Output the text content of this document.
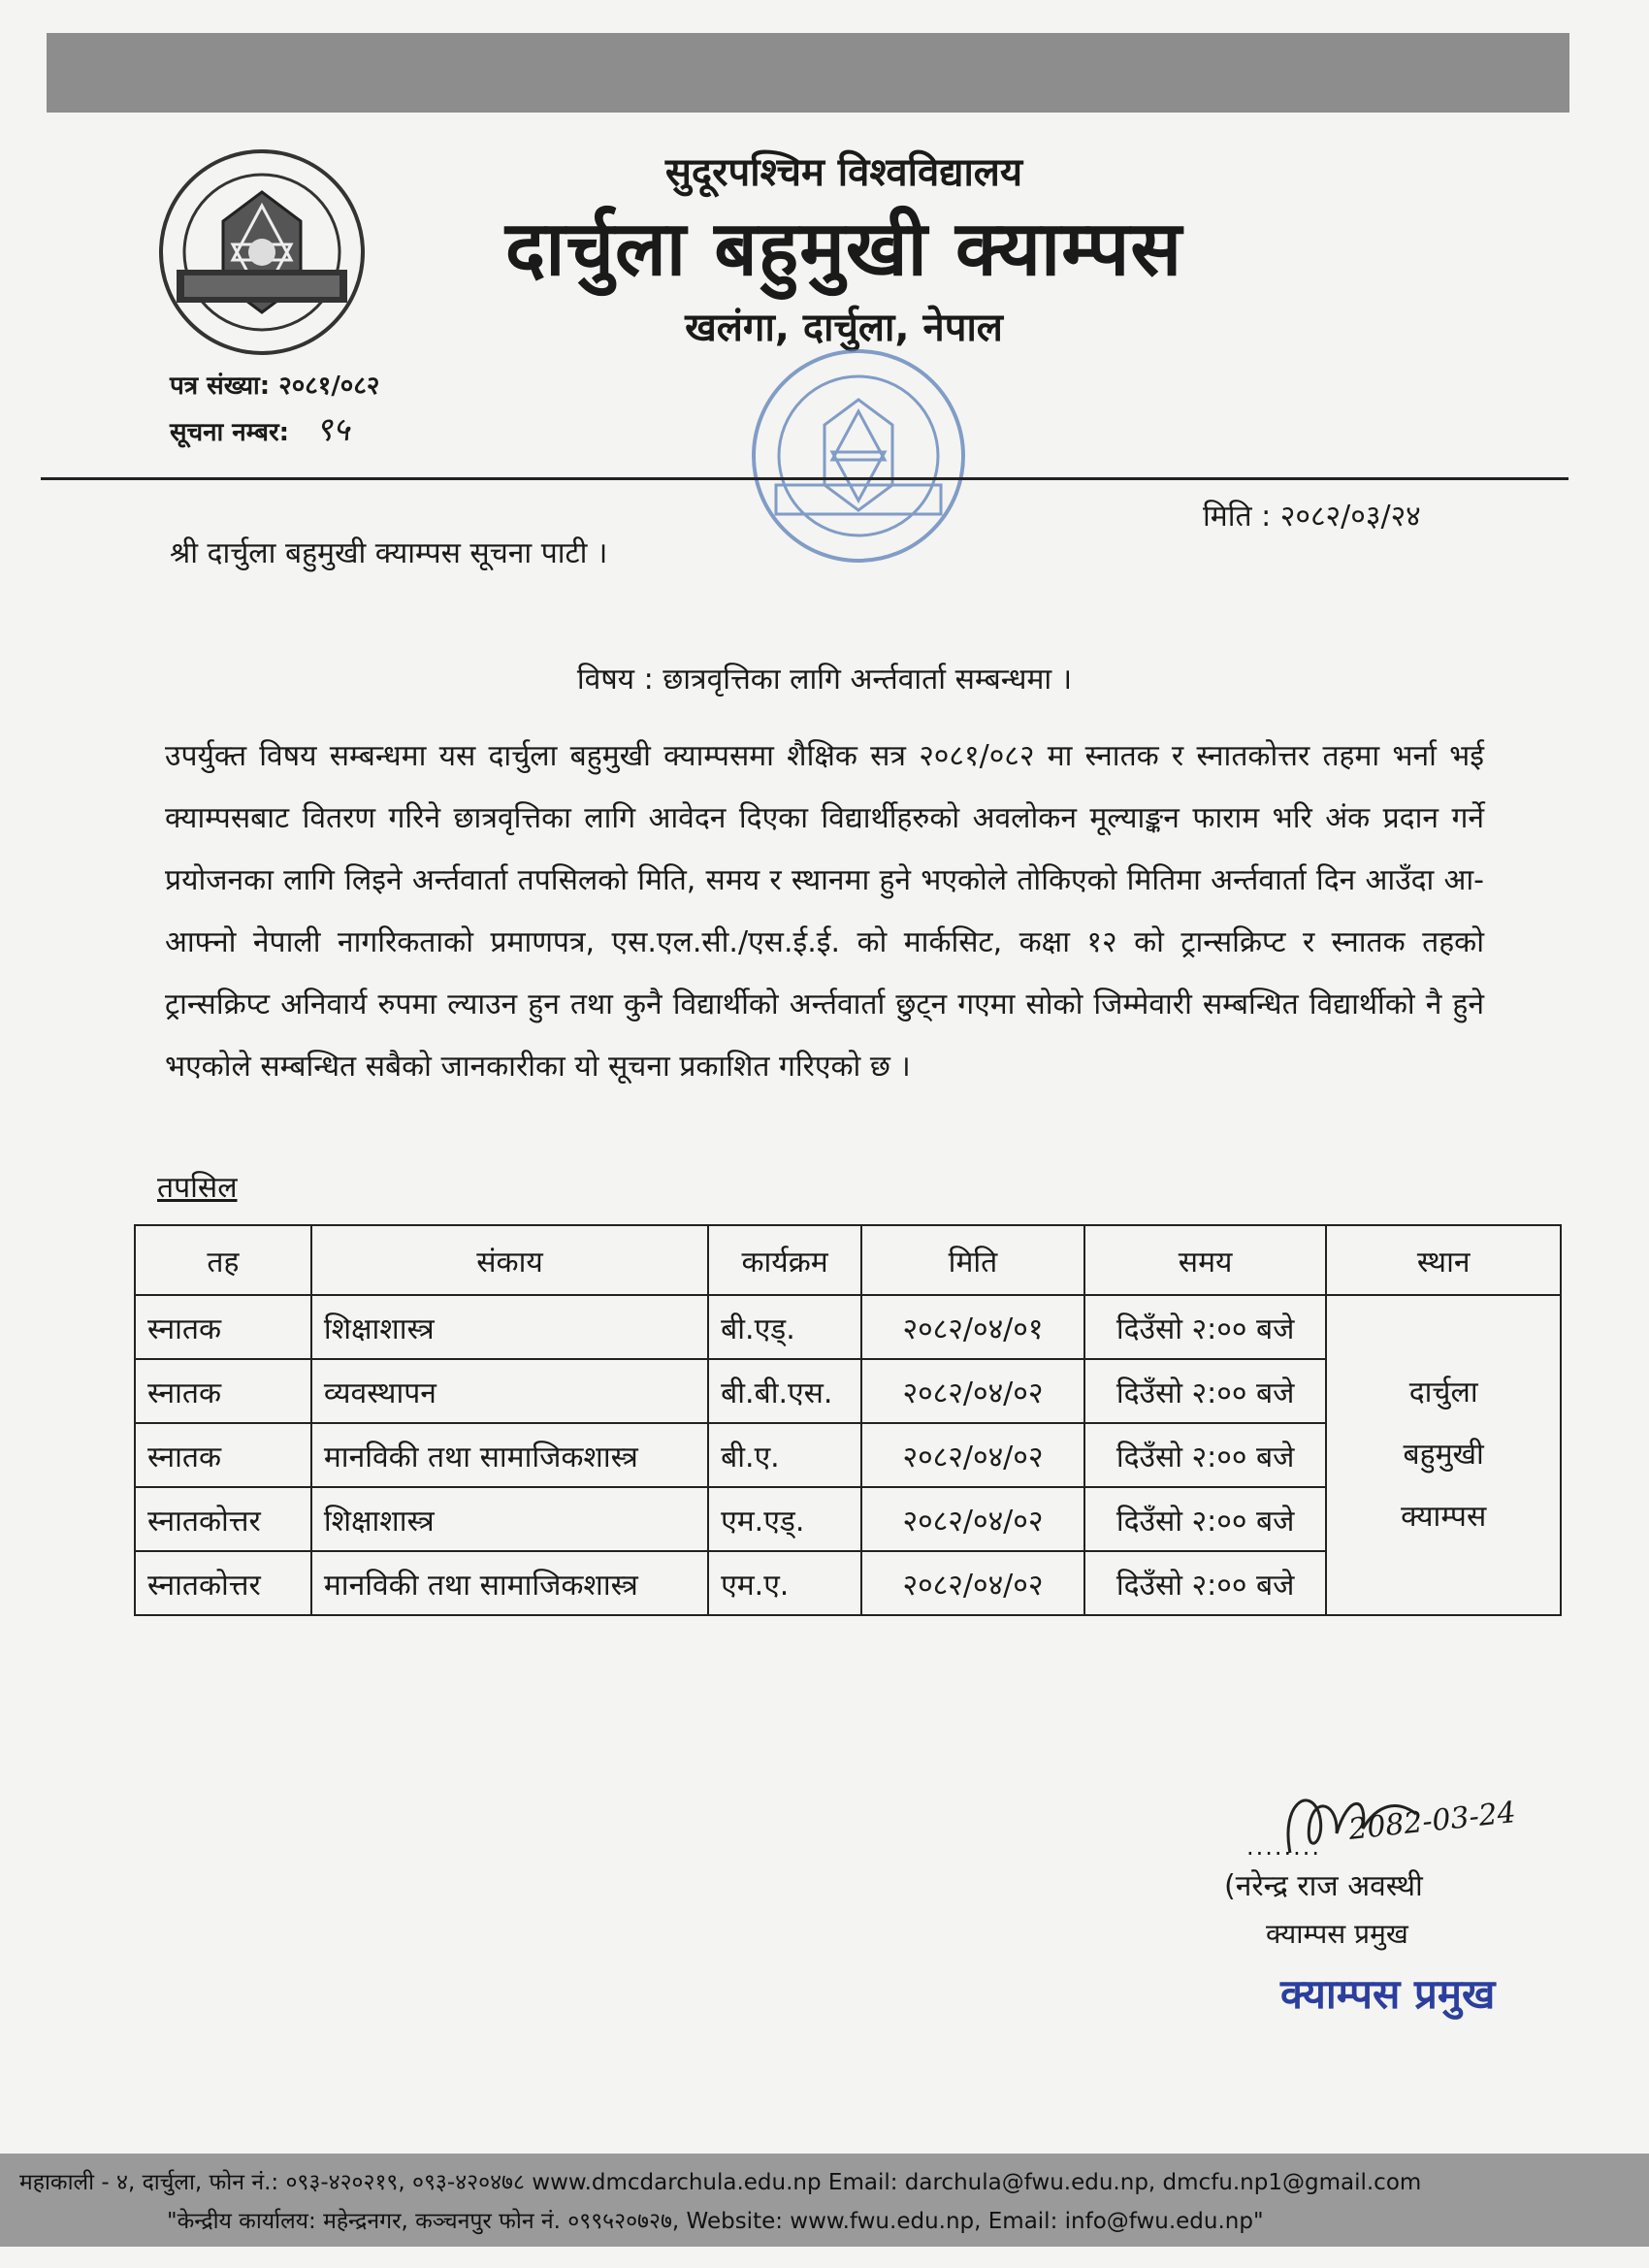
सुदूरपश्चिम विश्वविद्यालय
दार्चुला बहुमुखी क्याम्पस
खलंगा, दार्चुला, नेपाल
पत्र संख्या: २०८१/०८२
सूचना नम्बर: ९५
मिति : २०८२/०३/२४
श्री दार्चुला बहुमुखी क्याम्पस सूचना पाटी ।
विषय : छात्रवृत्तिका लागि अर्न्तवार्ता सम्बन्धमा ।
उपर्युक्त विषय सम्बन्धमा यस दार्चुला बहुमुखी क्याम्पसमा शैक्षिक सत्र २०८१/०८२ मा स्नातक र स्नातकोत्तर तहमा भर्ना भई क्याम्पसबाट वितरण गरिने छात्रवृत्तिका लागि आवेदन दिएका विद्यार्थीहरुको अवलोकन मूल्याङ्कन फाराम भरि अंक प्रदान गर्ने प्रयोजनका लागि लिइने अर्न्तवार्ता तपसिलको मिति, समय र स्थानमा हुने भएकोले तोकिएको मितिमा अर्न्तवार्ता दिन आउँदा आ-आफ्नो नेपाली नागरिकताको प्रमाणपत्र, एस.एल.सी./एस.ई.ई. को मार्कसिट, कक्षा १२ को ट्रान्सक्रिप्ट र स्नातक तहको ट्रान्सक्रिप्ट अनिवार्य रुपमा ल्याउन हुन तथा कुनै विद्यार्थीको अर्न्तवार्ता छुट्न गएमा सोको जिम्मेवारी सम्बन्धित विद्यार्थीको नै हुने भएकोले सम्बन्धित सबैको जानकारीका यो सूचना प्रकाशित गरिएको छ ।
तपसिल
तह	संकाय	कार्यक्रम	मिति	समय	स्थान
स्नातक	शिक्षाशास्त्र	बी.एड्.	२०८२/०४/०१	दिउँसो २:०० बजे	दार्चुला
बहुमुखी
क्याम्पस

स्नातक	व्यवस्थापन	बी.बी.एस.	२०८२/०४/०२	दिउँसो २:०० बजे	
स्नातक	मानविकी तथा सामाजिकशास्त्र	बी.ए.	२०८२/०४/०२	दिउँसो २:०० बजे	
स्नातकोत्तर	शिक्षाशास्त्र	एम.एड्.	२०८२/०४/०२	दिउँसो २:०० बजे	
स्नातकोत्तर	मानविकी तथा सामाजिकशास्त्र	एम.ए.	२०८२/०४/०२	दिउँसो २:०० बजे	
2082-03-24
........
(नरेन्द्र राज अवस्थी
क्याम्पस प्रमुख
क्याम्पस प्रमुख
महाकाली - ४, दार्चुला, फोन नं.: ०९३-४२०२१९, ०९३-४२०४७८ www.dmcdarchula.edu.np Email: darchula@fwu.edu.np, dmcfu.np1@gmail.com
"केन्द्रीय कार्यालय: महेन्द्रनगर, कञ्चनपुर फोन नं. ०९९५२०७२७, Website: www.fwu.edu.np, Email: info@fwu.edu.np"
